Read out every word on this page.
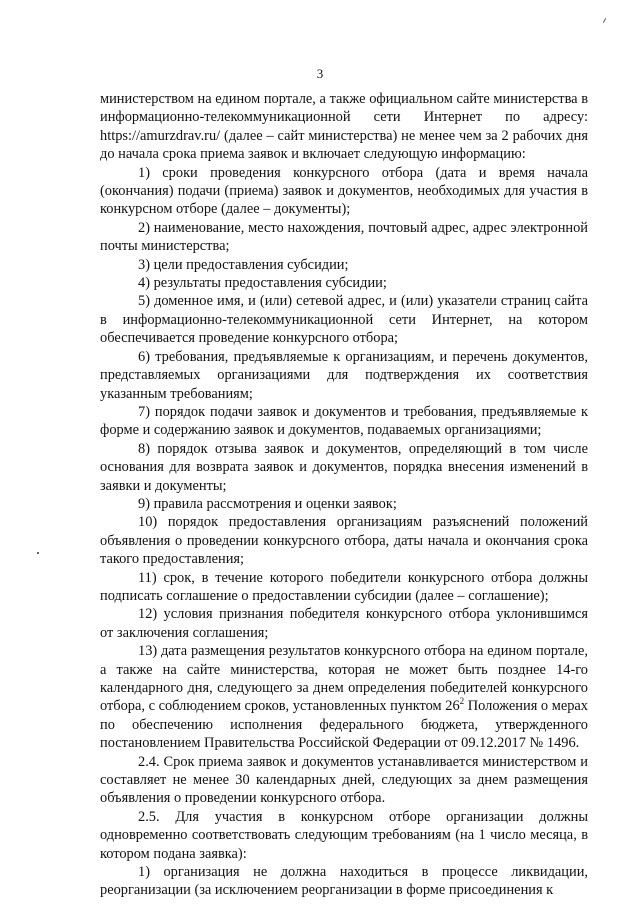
3

министерством на едином портале, а также официальном сайте министерства в информационно-телекоммуникационной сети Интернет по адресу: https://amurzdrav.ru/ (далее – сайт министерства) не менее чем за 2 рабочих дня до начала срока приема заявок и включает следующую информацию:

1) сроки проведения конкурсного отбора (дата и время начала (окончания) подачи (приема) заявок и документов, необходимых для участия в конкурсном отборе (далее – документы);

2) наименование, место нахождения, почтовый адрес, адрес электронной почты министерства;

3) цели предоставления субсидии;

4) результаты предоставления субсидии;

5) доменное имя, и (или) сетевой адрес, и (или) указатели страниц сайта в информационно-телекоммуникационной сети Интернет, на котором обеспечивается проведение конкурсного отбора;

6) требования, предъявляемые к организациям, и перечень документов, представляемых организациями для подтверждения их соответствия указанным требованиям;

7) порядок подачи заявок и документов и требования, предъявляемые к форме и содержанию заявок и документов, подаваемых организациями;

8) порядок отзыва заявок и документов, определяющий в том числе основания для возврата заявок и документов, порядка внесения изменений в заявки и документы;

9) правила рассмотрения и оценки заявок;

10) порядок предоставления организациям разъяснений положений объявления о проведении конкурсного отбора, даты начала и окончания срока такого предоставления;

11) срок, в течение которого победители конкурсного отбора должны подписать соглашение о предоставлении субсидии (далее – соглашение);

12) условия признания победителя конкурсного отбора уклонившимся от заключения соглашения;

13) дата размещения результатов конкурсного отбора на едином портале, а также на сайте министерства, которая не может быть позднее 14-го календарного дня, следующего за днем определения победителей конкурсного отбора, с соблюдением сроков, установленных пунктом $26^2$ Положения о мерах по обеспечению исполнения федерального бюджета, утвержденного постановлением Правительства Российской Федерации от 09.12.2017 № 1496.

2.4. Срок приема заявок и документов устанавливается министерством и составляет не менее 30 календарных дней, следующих за днем размещения объявления о проведении конкурсного отбора.

2.5. Для участия в конкурсном отборе организации должны одновременно соответствовать следующим требованиям (на 1 число месяца, в котором подана заявка):

1) организация не должна находиться в процессе ликвидации, реорганизации (за исключением реорганизации в форме присоединения к
